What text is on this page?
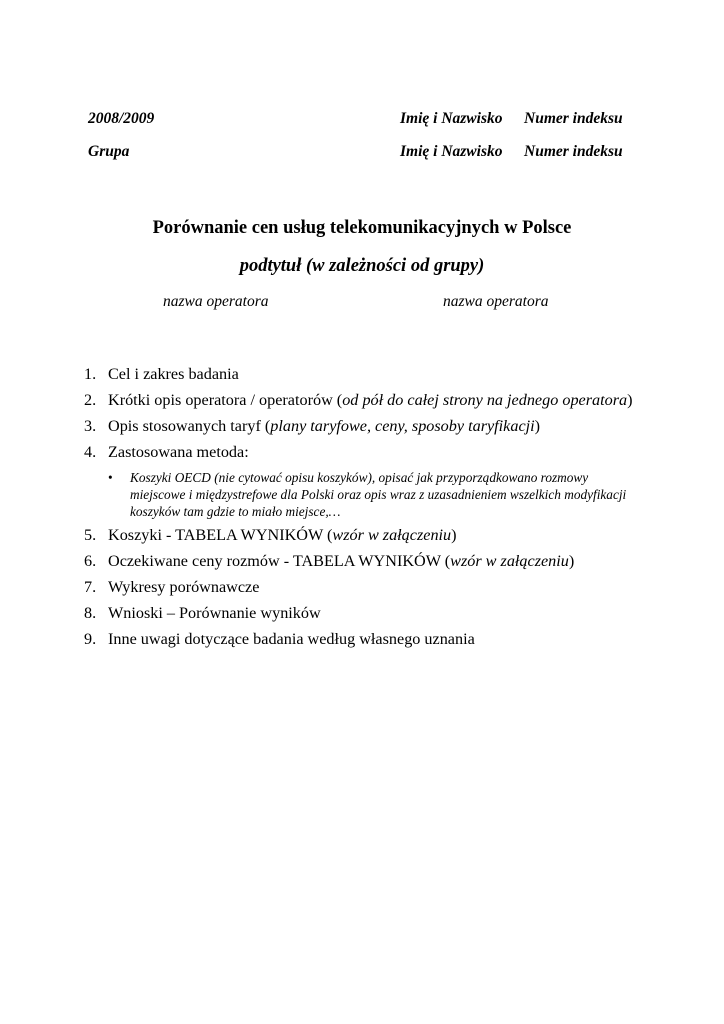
2008/2009	Imię i Nazwisko Numer indeksu
Grupa	Imię i Nazwisko Numer indeksu
Porównanie cen usług telekomunikacyjnych w Polsce
podtytuł (w zależności od grupy)
nazwa operatora	nazwa operatora
1. Cel i zakres badania
2. Krótki opis operatora / operatorów (od pół do całej strony na jednego operatora)
3. Opis stosowanych taryf (plany taryfowe, ceny, sposoby taryfikacji)
4. Zastosowana metoda:
• Koszyki OECD (nie cytować opisu koszyków), opisać jak przyporządkowano rozmowy miejscowe i międzystrefowe dla Polski oraz opis wraz z uzasadnieniem wszelkich modyfikacji koszyków tam gdzie to miało miejsce,…
5. Koszyki - TABELA WYNIKÓW (wzór w załączeniu)
6. Oczekiwane ceny rozmów - TABELA WYNIKÓW (wzór w załączeniu)
7. Wykresy porównawcze
8. Wnioski – Porównanie wyników
9. Inne uwagi dotyczące badania według własnego uznania
